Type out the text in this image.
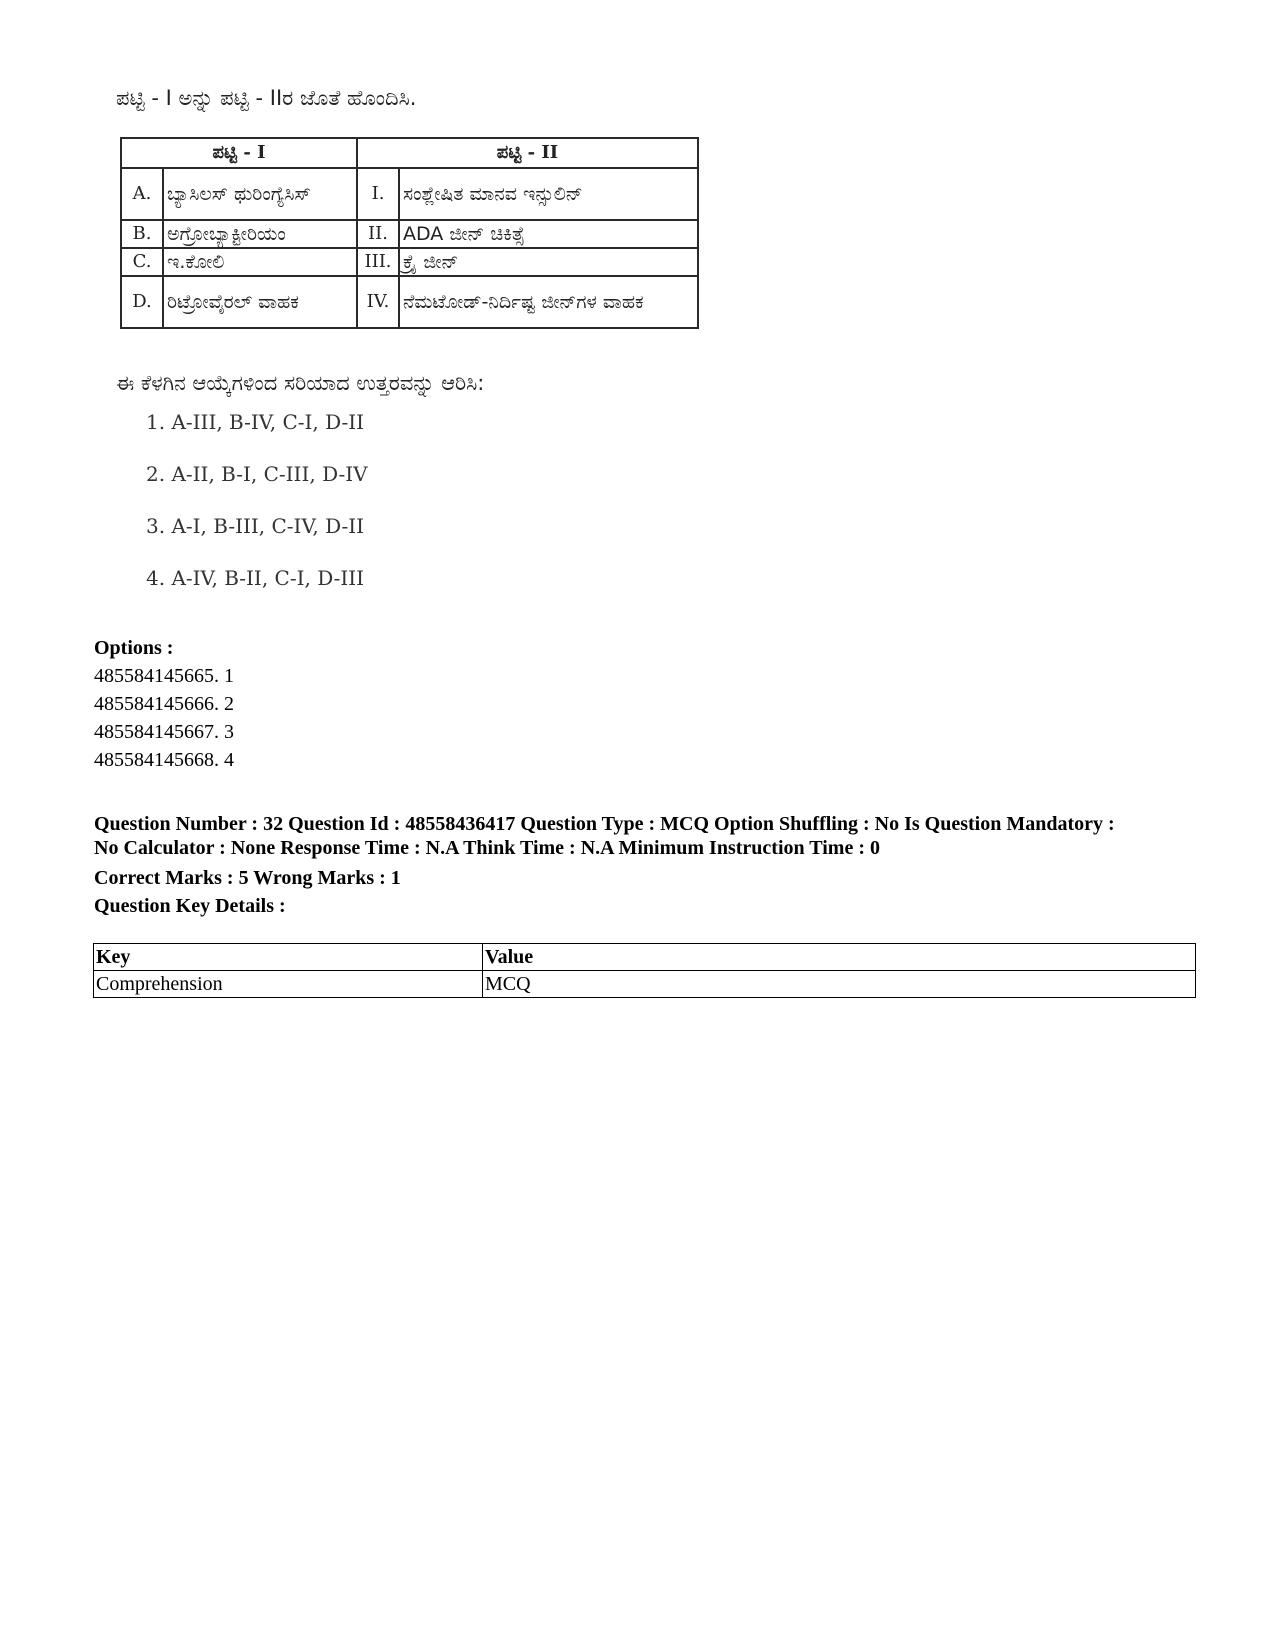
ಪಟ್ಟಿ - I ಅನ್ನು ಪಟ್ಟಿ - IIರ ಜೊತೆ ಹೊಂದಿಸಿ.
ಪಟ್ಟಿ - I		ಪಟ್ಟಿ - II	
A.	ಬ್ಯಾಸಿಲಸ್ ಥುರಿಂಗ್ಯೆಸಿಸ್	I.	ಸಂಶ್ಲೇಷಿತ ಮಾನವ ಇನ್ಸುಲಿನ್
B.	ಅಗ್ರೋಬ್ಯಾಕ್ಟೀರಿಯಂ	II.	ADA ಜೀನ್ ಚಿಕಿತ್ಸೆ
C.	ಇ.ಕೋಲಿ	III.	ಕ್ರೈ ಜೀನ್
D.	ರಿಟ್ರೋವೈರಲ್ ವಾಹಕ	IV.	ನೆಮಟೋಡ್-ನಿರ್ದಿಷ್ಟ ಜೀನ್‌ಗಳ ವಾಹಕ
ಈ ಕೆಳಗಿನ ಆಯ್ಕೆಗಳಿಂದ ಸರಿಯಾದ ಉತ್ತರವನ್ನು ಆರಿಸಿ:
1. A-III, B-IV, C-I, D-II
2. A-II, B-I, C-III, D-IV
3. A-I, B-III, C-IV, D-II
4. A-IV, B-II, C-I, D-III
Options :
485584145665. 1
485584145666. 2
485584145667. 3
485584145668. 4
Question Number : 32 Question Id : 48558436417 Question Type : MCQ Option Shuffling : No Is Question Mandatory :
No Calculator : None Response Time : N.A Think Time : N.A Minimum Instruction Time : 0
Correct Marks : 5 Wrong Marks : 1
Question Key Details :
Key	Value
Comprehension	MCQ
